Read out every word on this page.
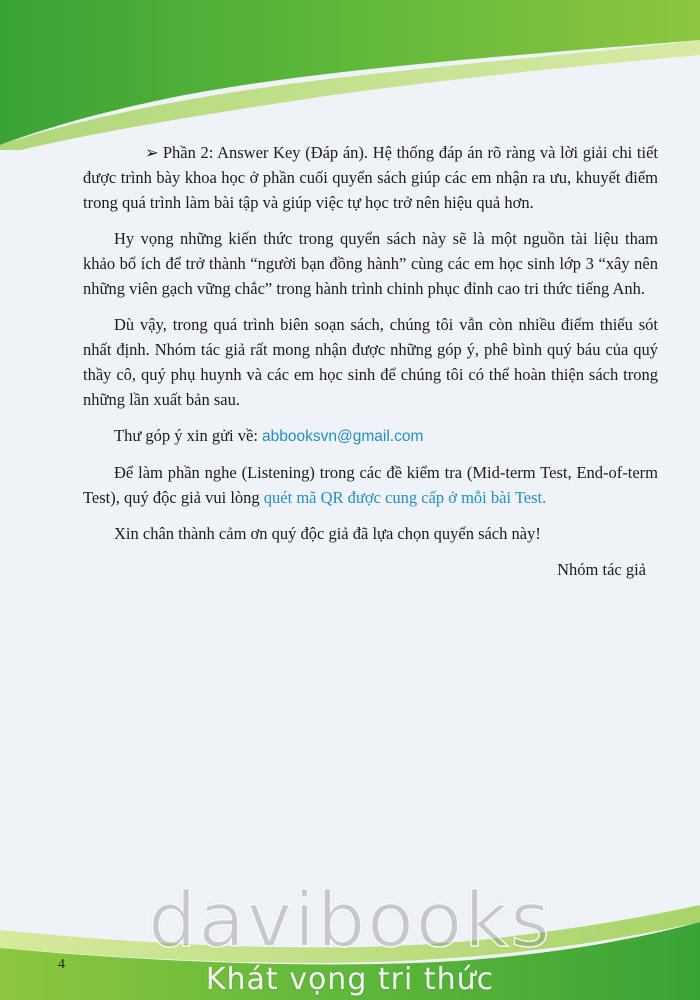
➢ Phần 2: Answer Key (Đáp án). Hệ thống đáp án rõ ràng và lời giải chi tiết được trình bày khoa học ở phần cuối quyển sách giúp các em nhận ra ưu, khuyết điểm trong quá trình làm bài tập và giúp việc tự học trở nên hiệu quả hơn.

Hy vọng những kiến thức trong quyển sách này sẽ là một nguồn tài liệu tham khảo bổ ích để trở thành “người bạn đồng hành” cùng các em học sinh lớp 3 “xây nên những viên gạch vững chắc” trong hành trình chinh phục đỉnh cao tri thức tiếng Anh.

Dù vậy, trong quá trình biên soạn sách, chúng tôi vẫn còn nhiều điểm thiếu sót nhất định. Nhóm tác giả rất mong nhận được những góp ý, phê bình quý báu của quý thầy cô, quý phụ huynh và các em học sinh để chúng tôi có thể hoàn thiện sách trong những lần xuất bản sau.

Thư góp ý xin gửi về: abbooksvn@gmail.com

Để làm phần nghe (Listening) trong các đề kiểm tra (Mid-term Test, End-of-term Test), quý độc giả vui lòng quét mã QR được cung cấp ở mỗi bài Test.

Xin chân thành cảm ơn quý độc giả đã lựa chọn quyển sách này!

Nhóm tác giả
4
davibooks
Khát vọng tri thức
